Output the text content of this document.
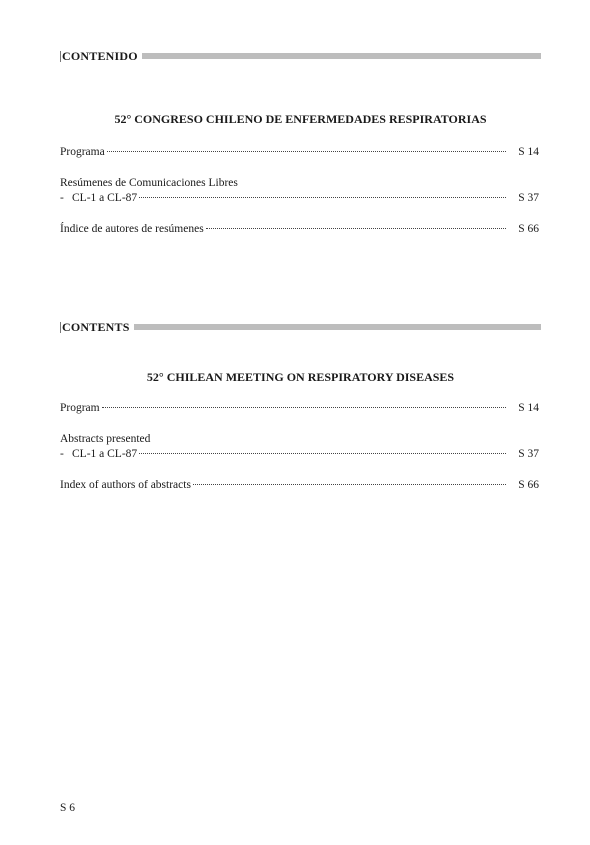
CONTENIDO
52° CONGRESO CHILENO DE ENFERMEDADES RESPIRATORIAS
Programa	S 14
Resúmenes de Comunicaciones Libres
- CL-1 a CL-87	S 37
Índice de autores de resúmenes	S 66
CONTENTS
52° CHILEAN MEETING ON RESPIRATORY DISEASES
Program	S 14
Abstracts presented
- CL-1 a CL-87	S 37
Index of authors of abstracts	S 66
S 6
